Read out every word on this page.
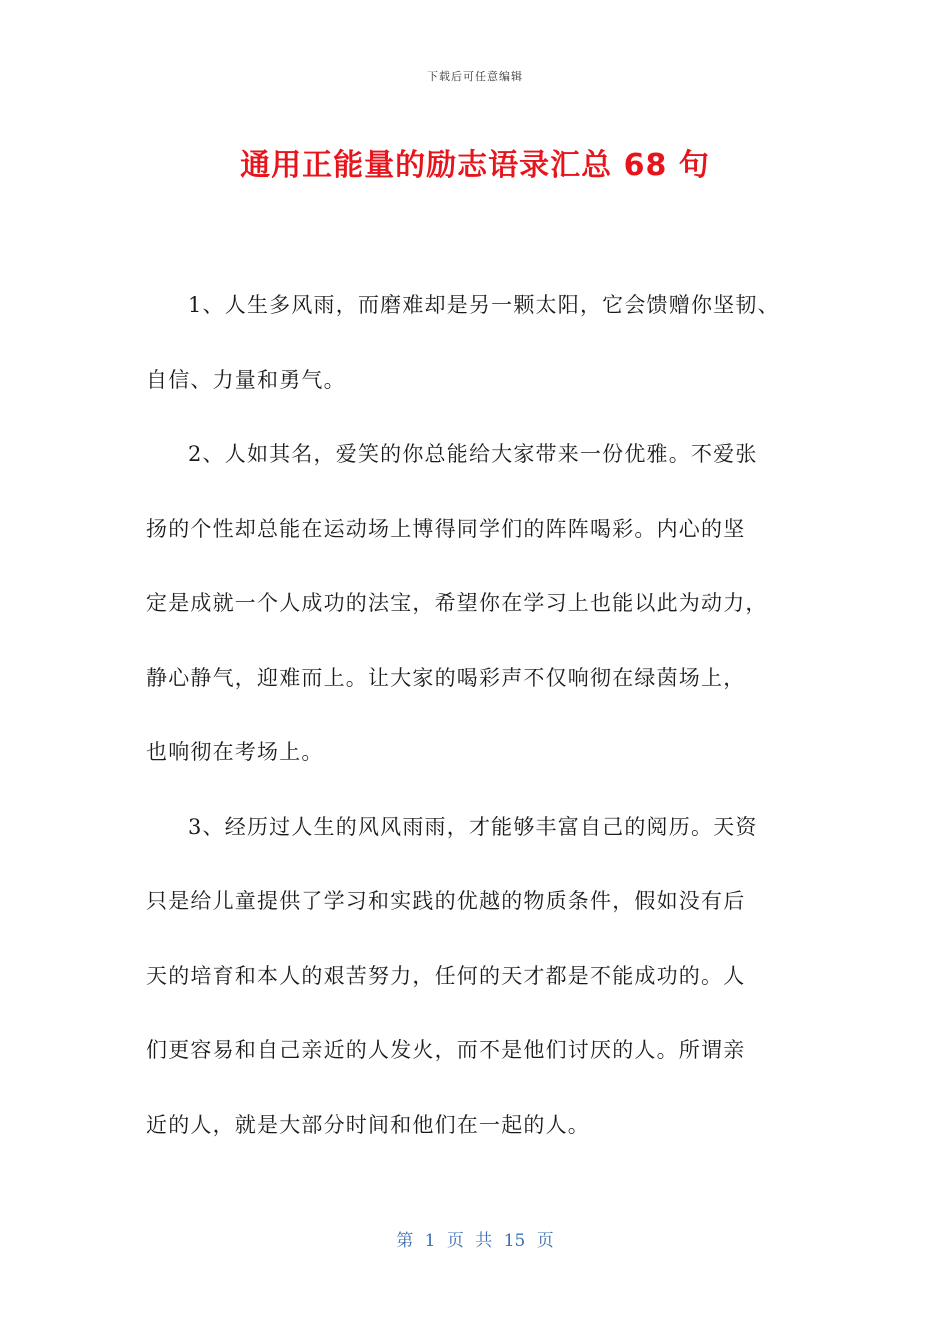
下载后可任意编辑
通用正能量的励志语录汇总 68 句

1、人生多风雨，而磨难却是另一颗太阳，它会馈赠你坚韧、
自信、力量和勇气。

2、人如其名，爱笑的你总能给大家带来一份优雅。不爱张
扬的个性却总能在运动场上博得同学们的阵阵喝彩。内心的坚
定是成就一个人成功的法宝，希望你在学习上也能以此为动力，
静心静气，迎难而上。让大家的喝彩声不仅响彻在绿茵场上，
也响彻在考场上。

3、经历过人生的风风雨雨，才能够丰富自己的阅历。天资
只是给儿童提供了学习和实践的优越的物质条件，假如没有后
天的培育和本人的艰苦努力，任何的天才都是不能成功的。人
们更容易和自己亲近的人发火，而不是他们讨厌的人。所谓亲
近的人，就是大部分时间和他们在一起的人。

第 1 页 共 15 页
